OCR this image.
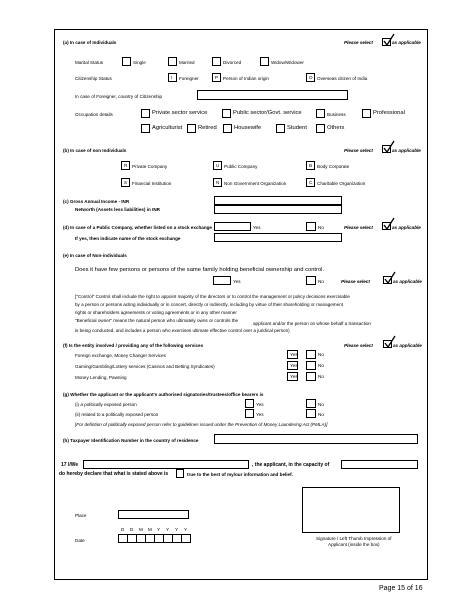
(a) In case of Individuals	Please select	as applicable
Marital Status	Single	Married	Divorced	Widow/Widower
Citizenship Status	I Foreigner	P Person of Indian origin	O Overseas citizen of India
In case of Foreigner, country of Citizenship
Occupation details	Private sector service	Public sector/Govt. service	Business	Professional
Agriculturist	Retired	Housewife	Student	Others
(b) In case of non Individuals	Please select	as applicable
R Private Company	U Public Company	B Body Corporate
S Financial Institution	N Non Government Organization	C Charitable Organization
(c) Gross Annual Income - INR
Networth (Assets less liabilities) in INR
(d) In case of a Public Company, whether listed on a stock exchange	Yes	No	Please select	as applicable
If yes, then indicate name of the stock exchange
(e) In case of Non-individuals
Does it have few persons or persons of the same family holding beneficial ownership and control.
Yes	No	Please select	as applicable
["Control" Control shall include the right to appoint majority of the directors or to control the management or policy decisions exercisable
by a person or persons acting individually or in concert, directly or indirectly, including by virtue of their shareholding or management
rights or shareholders agreements or voting agreements or in any other manner
"Beneficial owner" means the natural person who ultimately owns or controls the
applicant and/or the person on whose behalf a transaction
is being conducted, and includes a person who exercises ultimate effective control over a juridical person)
(f) Is the entity involved / providing any of the following services	Please select	as applicable
Foreign exchange, Money Changer Services	Yes	No
Gaming/Gambling/Lottery services (Casinos and Betting Syndicates)	Yes	No
Money Lending, Pawning	Yes	No
(g) Whether the applicant or the applicant's authorised signatories/trustees/office bearers is
(i) a politically exposed person	Yes	No
(ii) related to a politically exposed person	Yes	No
[For defintion of politically exposed person refer to guidelines issued under the Prevention of Money Laundering Act (PMLA)]
(h) Taxpayer Identification Number in the country of residence
17 I/We	, the applicant, in the capacity of
do hereby declare that what is stated above is	true to the best of my/our information and belief.
Place
D D M M Y Y Y Y
Date	Signature / Left Thumb Impression of
Applicant (inside the box)
Page 15 of 16
